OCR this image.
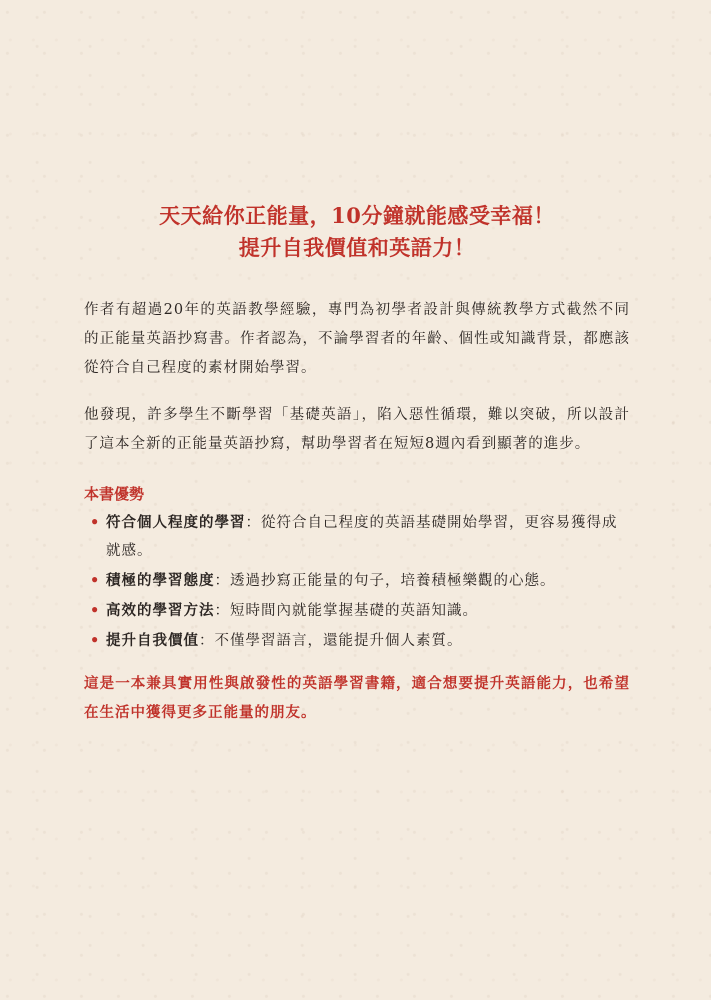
天天給你正能量，10分鐘就能感受幸福！
提升自我價值和英語力！

作者有超過20年的英語教學經驗，專門為初學者設計與傳統教學方式截然不同的正能量英語抄寫書。作者認為，不論學習者的年齡、個性或知識背景，都應該從符合自己程度的素材開始學習。

他發現，許多學生不斷學習「基礎英語」，陷入惡性循環，難以突破，所以設計了這本全新的正能量英語抄寫，幫助學習者在短短8週內看到顯著的進步。

本書優勢
• 符合個人程度的學習：從符合自己程度的英語基礎開始學習，更容易獲得成就感。
• 積極的學習態度：透過抄寫正能量的句子，培養積極樂觀的心態。
• 高效的學習方法：短時間內就能掌握基礎的英語知識。
• 提升自我價值：不僅學習語言，還能提升個人素質。

這是一本兼具實用性與啟發性的英語學習書籍，適合想要提升英語能力，也希望在生活中獲得更多正能量的朋友。
